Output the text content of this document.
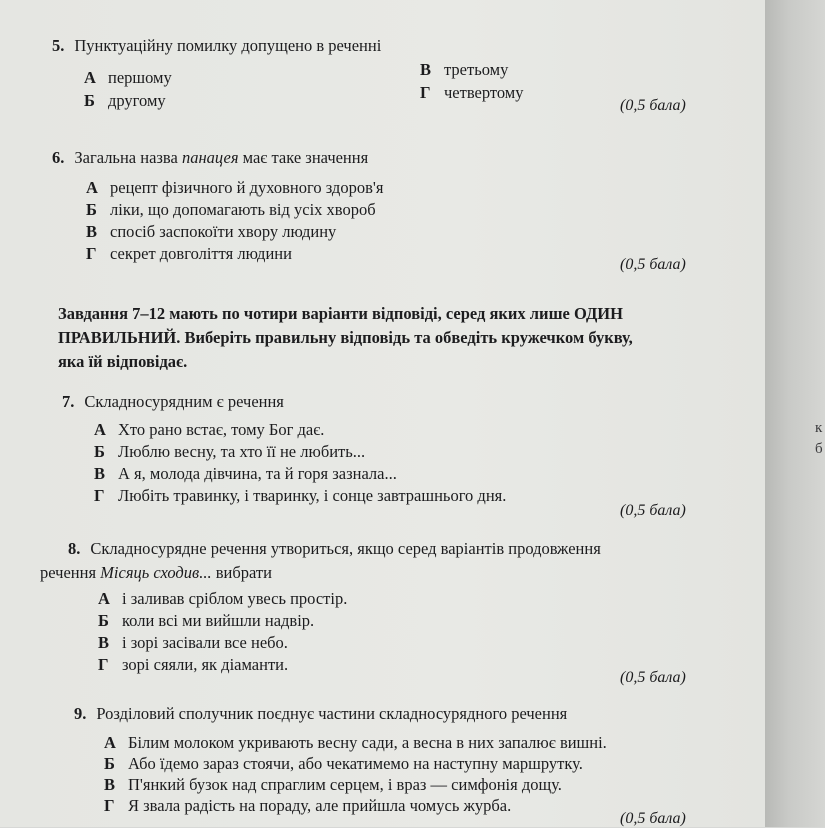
5. Пунктуаційну помилку допущено в реченні
А першому
Б другому
В третьому
Г четвертому
(0,5 бала)
6. Загальна назва панацея має таке значення
А рецепт фізичного й духовного здоров'я
Б ліки, що допомагають від усіх хвороб
В спосіб заспокоїти хвору людину
Г секрет довголіття людини
(0,5 бала)
Завдання 7–12 мають по чотири варіанти відповіді, серед яких лише ОДИН
ПРАВИЛЬНИЙ. Виберіть правильну відповідь та обведіть кружечком букву,
яка їй відповідає.
7. Складносурядним є речення
А Хто рано встає, тому Бог дає.
Б Люблю весну, та хто її не любить...
В А я, молода дівчина, та й горя зазнала...
Г Любіть травинку, і тваринку, і сонце завтрашнього дня.
(0,5 бала)
8. Складносурядне речення утвориться, якщо серед варіантів продовження
речення Місяць сходив... вибрати
А і заливав сріблом увесь простір.
Б коли всі ми вийшли надвір.
В і зорі засівали все небо.
Г зорі сяяли, як діаманти.
(0,5 бала)
9. Розділовий сполучник поєднує частини складносурядного речення
А Білим молоком укривають весну сади, а весна в них запалює вишні.
Б Або їдемо зараз стоячи, або чекатимемо на наступну маршрутку.
В П'янкий бузок над спраглим серцем, і враз — симфонія дощу.
Г Я звала радість на пораду, але прийшла чомусь журба.
(0,5 бала)
к
б
